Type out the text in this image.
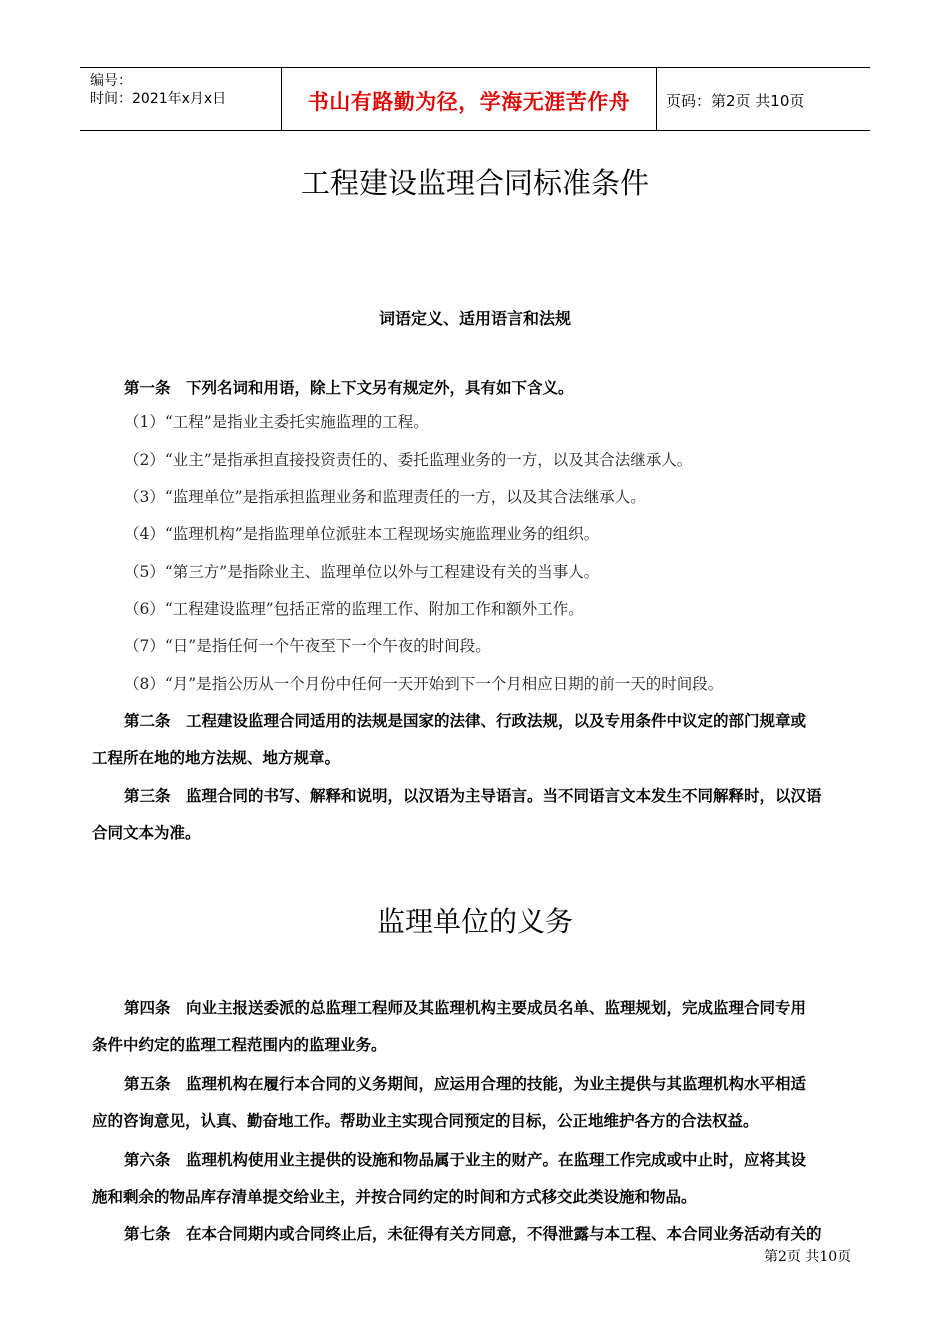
编号：
时间：2021年x月x日	书山有路勤为径，学海无涯苦作舟	页码：第2页 共10页
工程建设监理合同标准条件
词语定义、适用语言和法规
第一条　下列名词和用语，除上下文另有规定外，具有如下含义。
（1）“工程”是指业主委托实施监理的工程。
（2）“业主”是指承担直接投资责任的、委托监理业务的一方，以及其合法继承人。
（3）“监理单位”是指承担监理业务和监理责任的一方，以及其合法继承人。
（4）“监理机构”是指监理单位派驻本工程现场实施监理业务的组织。
（5）“第三方”是指除业主、监理单位以外与工程建设有关的当事人。
（6）“工程建设监理”包括正常的监理工作、附加工作和额外工作。
（7）“日”是指任何一个午夜至下一个午夜的时间段。
（8）“月”是指公历从一个月份中任何一天开始到下一个月相应日期的前一天的时间段。
第二条　工程建设监理合同适用的法规是国家的法律、行政法规，以及专用条件中议定的部门规章或
工程所在地的地方法规、地方规章。
第三条　监理合同的书写、解释和说明，以汉语为主导语言。当不同语言文本发生不同解释时，以汉语
合同文本为准。
监理单位的义务
第四条　向业主报送委派的总监理工程师及其监理机构主要成员名单、监理规划，完成监理合同专用
条件中约定的监理工程范围内的监理业务。
第五条　监理机构在履行本合同的义务期间，应运用合理的技能，为业主提供与其监理机构水平相适
应的咨询意见，认真、勤奋地工作。帮助业主实现合同预定的目标，公正地维护各方的合法权益。
第六条　监理机构使用业主提供的设施和物品属于业主的财产。在监理工作完成或中止时，应将其设
施和剩余的物品库存清单提交给业主，并按合同约定的时间和方式移交此类设施和物品。
第七条　在本合同期内或合同终止后，未征得有关方同意，不得泄露与本工程、本合同业务活动有关的
第2页 共10页
